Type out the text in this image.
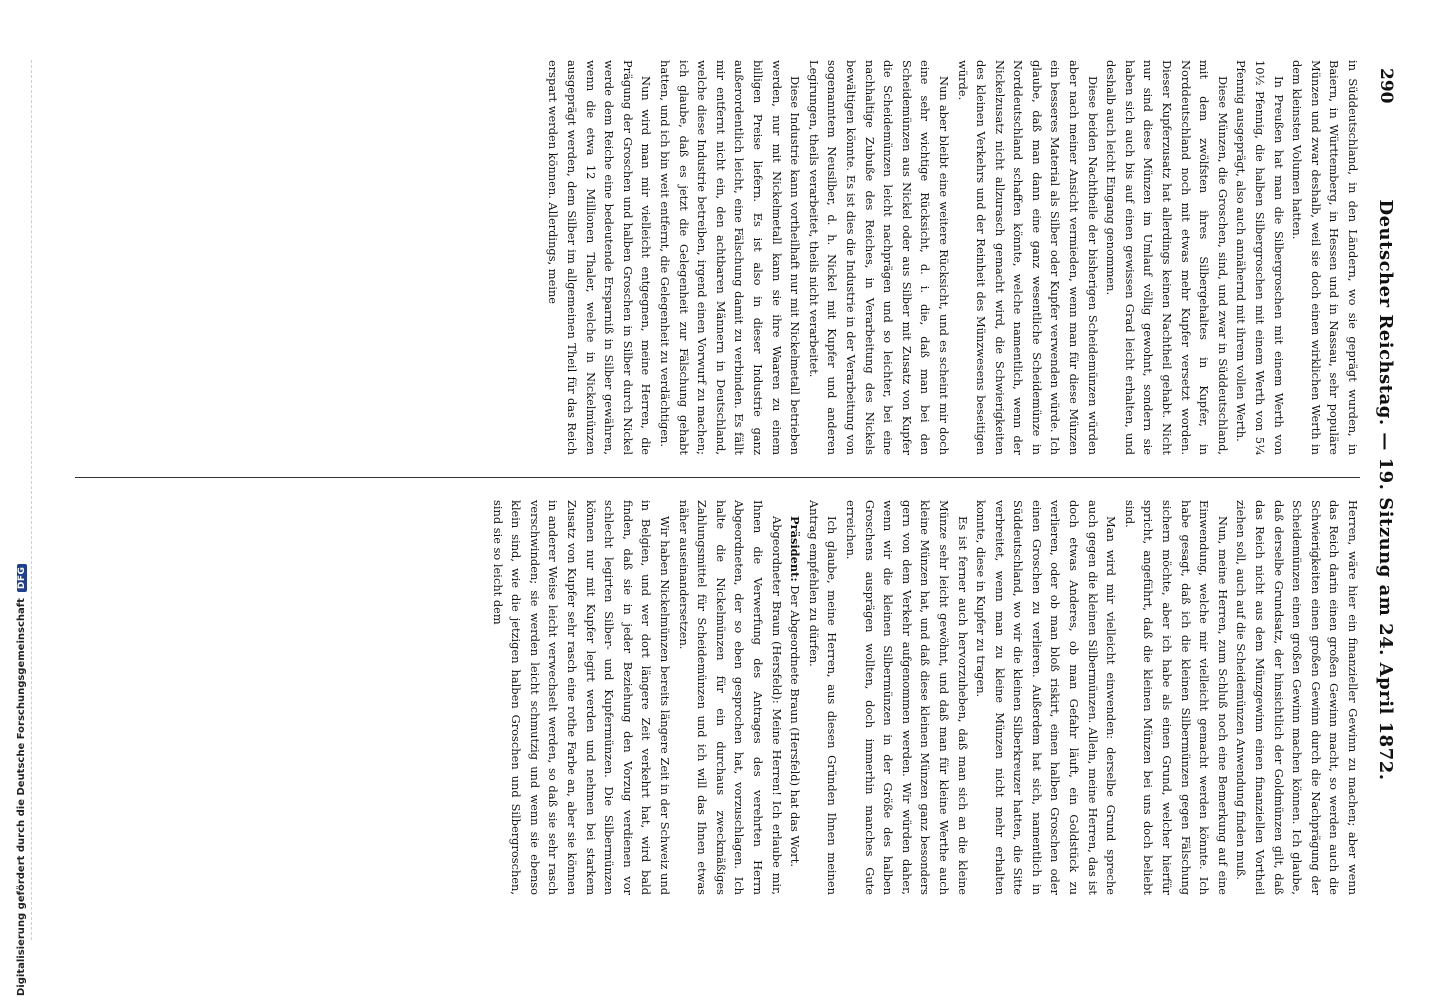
290
Deutscher Reichstag. — 19. Sitzung am 24. April 1872.

in Süddeutschland, in den Ländern, wo sie geprägt wurden, in Baiern, in Württemberg, in Hessen und in Nassau, sehr populäre Münzen und zwar deshalb, weil sie doch einen wirklichen Werth in dem kleinsten Volumen hatten.

In Preußen hat man die Silbergroschen mit einem Werth von 10½ Pfennig, die halben Silbergroschen mit einem Werth von 5¼ Pfennig ausgeprägt, also auch annähernd mit ihrem vollen Werth.

Diese Münzen, die Groschen, sind, und zwar in Süddeutschland, mit dem zwölfsten ihres Silbergehaltes in Kupfer, in Norddeutschland noch mit etwas mehr Kupfer versetzt worden. Dieser Kupferzusatz hat allerdings keinen Nachtheil gehabt. Nicht nur sind diese Münzen im Umlauf völlig gewohnt, sondern sie haben sich auch bis auf einen gewissen Grad leicht erhalten, und deshalb auch leicht Eingang genommen.

Diese beiden Nachtheile der bisherigen Scheidemünzen würden aber nach meiner Ansicht vermieden, wenn man für diese Münzen ein besseres Material als Silber oder Kupfer verwenden würde. Ich glaube, daß man dann eine ganz wesentliche Scheidemünze in Norddeutschland schaffen könnte, welche namentlich, wenn der Nickelzusatz nicht allzurasch gemacht wird, die Schwierigkeiten des kleinen Verkehrs und der Reinheit des Münzwesens beseitigen würde.

Nun aber bleibt eine weitere Rücksicht, und es scheint mir doch eine sehr wichtige Rücksicht, d. i. die, daß man bei den Scheidemünzen aus Nickel oder aus Silber mit Zusatz von Kupfer die Scheidemünzen leicht nachprägen und so leichter, bei eine nachhaltige Zubuße des Reiches, in Verarbeitung des Nickels bewältigen könnte. Es ist dies die Industrie in der Verarbeitung von sogenanntem Neusilber, d. h. Nickel mit Kupfer und anderen Legirungen, theils verarbeitet, theils nicht verarbeitet.

Diese Industrie kann vortheilhaft nur mit Nickelmetall betrieben werden, nur mit Nickelmetall kann sie ihre Waaren zu einem billigen Preise liefern. Es ist also in dieser Industrie ganz außerordentlich leicht, eine Fälschung damit zu verbinden. Es fällt mir entfernt nicht ein, den achtbaren Männern in Deutschland, welche diese Industrie betreiben, irgend einen Vorwurf zu machen; ich glaube, daß es jetzt die Gelegenheit zur Fälschung gehabt hatten, und ich bin weit entfernt, die Gelegenheit zu verdächtigen.

Nun wird man mir vielleicht entgegnen, meine Herren, die Prägung der Groschen und halben Groschen in Silber durch Nickel werde dem Reiche eine bedeutende Ersparniß in Silber gewähren, wenn die etwa 12 Millionen Thaler, welche in Nickelmünzen ausgeprägt werden, dem Silber im allgemeinen Theil für das Reich erspart werden können. Allerdings, meine

Herren, wäre hier ein finanzieller Gewinn zu machen; aber wenn das Reich darin einen großen Gewinn macht, so werden auch die Schwierigkeiten einen großen Gewinn durch die Nachprägung der Scheidemünzen einen großen Gewinn machen können. Ich glaube, daß derselbe Grundsatz, der hinsichtlich der Goldmünzen gilt, daß das Reich nicht aus dem Münzgewinn einen finanziellen Vortheil ziehen soll, auch auf die Scheidemünzen Anwendung finden muß.

Nun, meine Herren, zum Schluß noch eine Bemerkung auf eine Einwendung, welche mir vielleicht gemacht werden könnte. Ich habe gesagt, daß ich die kleinen Silbermünzen gegen Fälschung sichern möchte, aber ich habe als einen Grund, welcher hierfür spricht, angeführt, daß die kleinen Münzen bei uns doch beliebt sind.

Man wird mir vielleicht einwenden: derselbe Grund spreche auch gegen die kleinen Silbermünzen. Allein, meine Herren, das ist doch etwas Anderes, ob man Gefahr läuft, ein Goldstück zu verlieren, oder ob man bloß riskirt, einen halben Groschen oder einen Groschen zu verlieren. Außerdem hat sich, namentlich in Süddeutschland, wo wir die kleinen Silberkreuzer hatten, die Sitte verbreitet, wenn man zu kleine Münzen nicht mehr erhalten konnte, diese in Kupfer zu tragen.

Es ist ferner auch hervorzuheben, daß man sich an die kleine Münze sehr leicht gewöhnt, und daß man für kleine Werthe auch kleine Münzen hat, und daß diese kleinen Münzen ganz besonders gern von dem Verkehr aufgenommen werden. Wir würden daher, wenn wir die kleinen Silbermünzen in der Größe des halben Groschens ausprägen wollten, doch immerhin manches Gute erreichen.

Ich glaube, meine Herren, aus diesen Gründen Ihnen meinen Antrag empfehlen zu dürfen.

Präsident: Der Abgeordnete Braun (Hersfeld) hat das Wort.

Abgeordneter Braun (Hersfeld): Meine Herren! Ich erlaube mir, Ihnen die Verwerfung des Antrages des verehrten Herrn Abgeordneten, der so eben gesprochen hat, vorzuschlagen. Ich halte die Nickelmünzen für ein durchaus zweckmäßiges Zahlungsmittel für Scheidemünzen und ich will das Ihnen etwas näher auseinandersetzen.

Wir haben Nickelmünzen bereits längere Zeit in der Schweiz und in Belgien, und wer dort längere Zeit verkehrt hat, wird bald finden, daß sie in jeder Beziehung den Vorzug verdienen vor schlecht legirten Silber- und Kupfermünzen. Die Silbermünzen können nur mit Kupfer legirt werden und nehmen bei starkem Zusatz von Kupfer sehr rasch eine rothe Farbe an, aber sie können in anderer Weise leicht verwechselt werden, so daß sie sehr rasch verschwinden; sie werden leicht schmutzig und wenn sie ebenso klein sind, wie die jetzigen halben Groschen und Silbergroschen, sind sie so leicht dem

Digitalisierung gefördert durch die Deutsche Forschungsgemeinschaft
DFG
